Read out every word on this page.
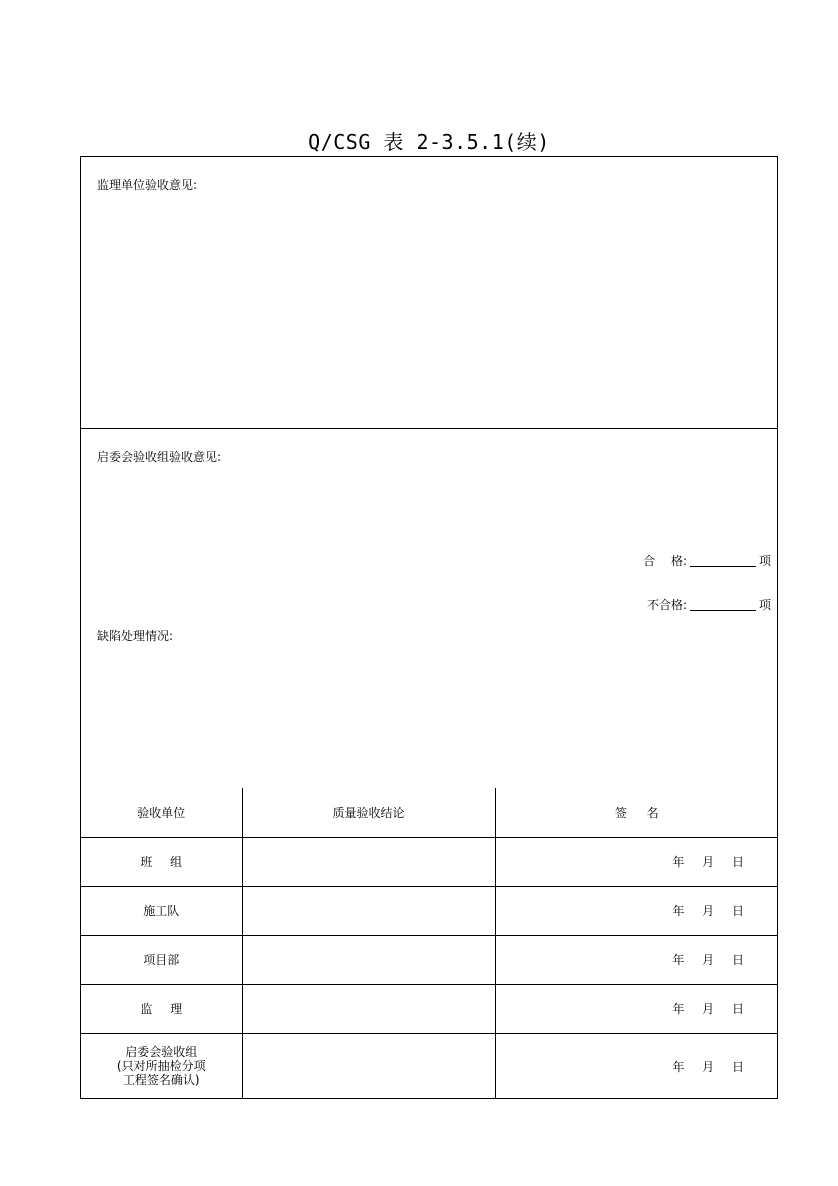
Q/CSG 表 2-3.5.1(续)
监理单位验收意见:
启委会验收组验收意见:
合 格:	项
不合格:	项
缺陷处理情况:
验收单位	质量验收结论	签 名
班 组		年 月 日

施工队		年 月 日

项目部		年 月 日

监 理		年 月 日

启委会验收组
(只对所抽检分项
工程签名确认)		年 月 日
